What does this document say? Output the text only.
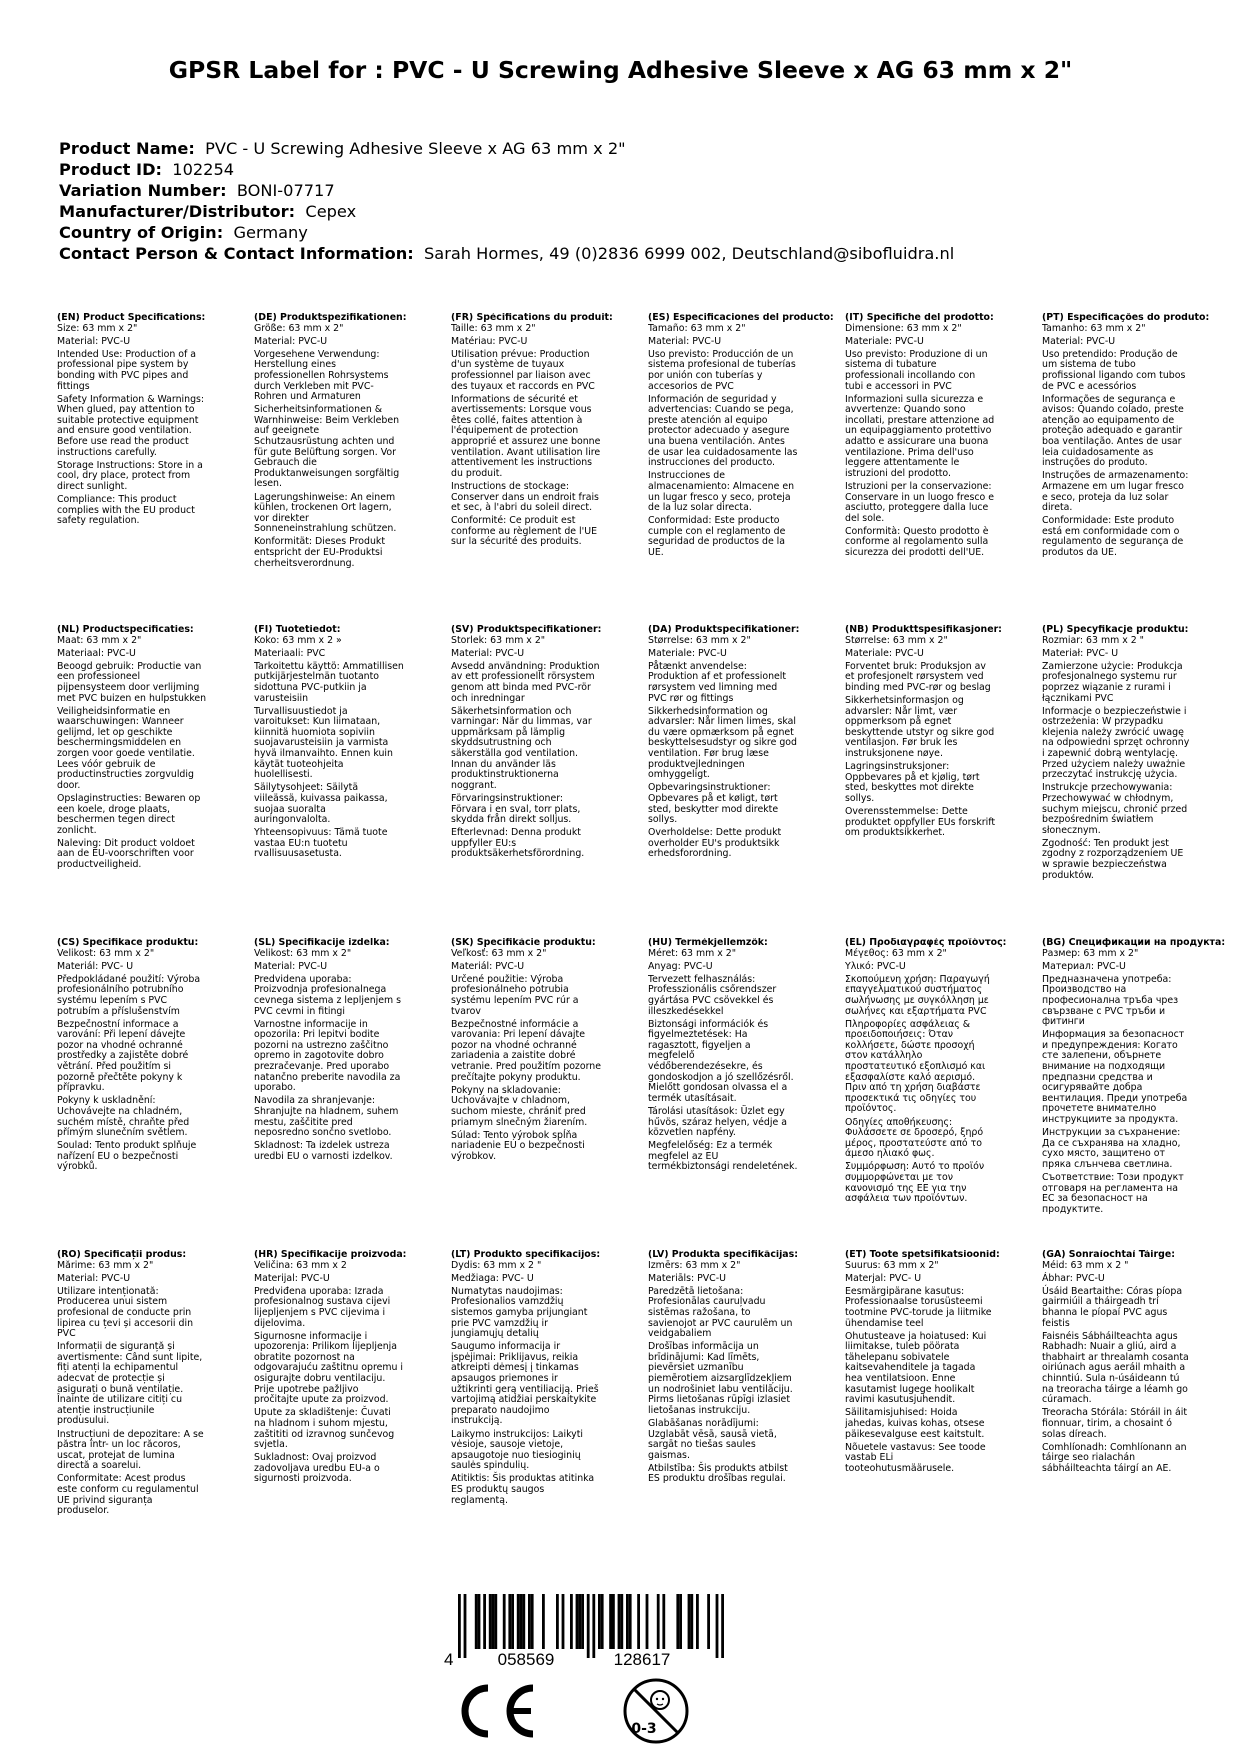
GPSR Label for : PVC - U Screwing Adhesive Sleeve x AG 63 mm x 2"
Product Name: PVC - U Screwing Adhesive Sleeve x AG 63 mm x 2"
Product ID: 102254
Variation Number: BONI-07717
Manufacturer/Distributor: Cepex
Country of Origin: Germany
Contact Person & Contact Information: Sarah Hormes, 49 (0)2836 6999 002, Deutschland@sibofluidra.nl
(EN) Product Specifications:

Size: 63 mm x 2"

Material: PVC-U

Intended Use: Production of a professional pipe system by bonding with PVC pipes and fittings

Safety Information & Warnings: When glued, pay attention to suitable protective equipment and ensure good ventilation. Before use read the product instructions carefully.

Storage Instructions: Store in a cool, dry place, protect from direct sunlight.

Compliance: This product complies with the EU product safety regulation.

(DE) Produktspezifikationen:

Größe: 63 mm x 2"

Material: PVC-U

Vorgesehene Verwendung: Herstellung eines professionellen Rohrsystems durch Verkleben mit PVC-Rohren und Armaturen

Sicherheitsinformationen & Warnhinweise: Beim Verkleben auf geeignete Schutzausrüstung achten und für gute Belüftung sorgen. Vor Gebrauch die Produktanweisungen sorgfältig lesen.

Lagerungshinweise: An einem kühlen, trockenen Ort lagern, vor direkter Sonneneinstrahlung schützen.

Konformität: Dieses Produkt entspricht der EU-Produktsi cherheitsverordnung.

(FR) Spécifications du produit:

Taille: 63 mm x 2"

Matériau: PVC-U

Utilisation prévue: Production d'un système de tuyaux professionnel par liaison avec des tuyaux et raccords en PVC

Informations de sécurité et avertissements: Lorsque vous êtes collé, faites attention à l'équipement de protection approprié et assurez une bonne ventilation. Avant utilisation lire attentivement les instructions du produit.

Instructions de stockage: Conserver dans un endroit frais et sec, à l'abri du soleil direct.

Conformité: Ce produit est conforme au règlement de l'UE sur la sécurité des produits.

(ES) Especificaciones del producto:

Tamaño: 63 mm x 2"

Material: PVC-U

Uso previsto: Producción de un sistema profesional de tuberías por unión con tuberías y accesorios de PVC

Información de seguridad y advertencias: Cuando se pega, preste atención al equipo protector adecuado y asegure una buena ventilación. Antes de usar lea cuidadosamente las instrucciones del producto.

Instrucciones de almacenamiento: Almacene en un lugar fresco y seco, proteja de la luz solar directa.

Conformidad: Este producto cumple con el reglamento de seguridad de productos de la UE.

(IT) Specifiche del prodotto:

Dimensione: 63 mm x 2"

Materiale: PVC-U

Uso previsto: Produzione di un sistema di tubature professionali incollando con tubi e accessori in PVC

Informazioni sulla sicurezza e avvertenze: Quando sono incollati, prestare attenzione ad un equipaggiamento protettivo adatto e assicurare una buona ventilazione. Prima dell'uso leggere attentamente le istruzioni del prodotto.

Istruzioni per la conservazione: Conservare in un luogo fresco e asciutto, proteggere dalla luce del sole.

Conformità: Questo prodotto è conforme al regolamento sulla sicurezza dei prodotti dell'UE.

(PT) Especificações do produto:

Tamanho: 63 mm x 2"

Material: PVC-U

Uso pretendido: Produção de um sistema de tubo profissional ligando com tubos de PVC e acessórios

Informações de segurança e avisos: Quando colado, preste atenção ao equipamento de proteção adequado e garantir boa ventilação. Antes de usar leia cuidadosamente as instruções do produto.

Instruções de armazenamento: Armazene em um lugar fresco e seco, proteja da luz solar direta.

Conformidade: Este produto está em conformidade com o regulamento de segurança de produtos da UE.

(NL) Productspecificaties:

Maat: 63 mm x 2"

Materiaal: PVC-U

Beoogd gebruik: Productie van een professioneel pijpensysteem door verlijming met PVC buizen en hulpstukken

Veiligheidsinformatie en waarschuwingen: Wanneer gelijmd, let op geschikte beschermingsmiddelen en zorgen voor goede ventilatie. Lees vóór gebruik de productinstructies zorgvuldig door.

Opslaginstructies: Bewaren op een koele, droge plaats, beschermen tegen direct zonlicht.

Naleving: Dit product voldoet aan de EU-voorschriften voor productveiligheid.

(FI) Tuotetiedot:

Koko: 63 mm x 2 »

Materiaali: PVC

Tarkoitettu käyttö: Ammatillisen putkijärjestelmän tuotanto sidottuna PVC-putkiin ja varusteisiin

Turvallisuustiedot ja varoitukset: Kun liimataan, kiinnitä huomiota sopiviin suojavarusteisiin ja varmista hyvä ilmanvaihto. Ennen kuin käytät tuoteohjeita huolellisesti.

Säilytysohjeet: Säilytä viileässä, kuivassa paikassa, suojaa suoralta auringonvalolta.

Yhteensopivuus: Tämä tuote vastaa EU:n tuotetu rvallisuusasetusta.

(SV) Produktspecifikationer:

Storlek: 63 mm x 2"

Material: PVC-U

Avsedd användning: Produktion av ett professionellt rörsystem genom att binda med PVC-rör och inredningar

Säkerhetsinformation och varningar: När du limmas, var uppmärksam på lämplig skyddsutrustning och säkerställa god ventilation. Innan du använder läs produktinstruktionerna noggrant.

Förvaringsinstruktioner: Förvara i en sval, torr plats, skydda från direkt solljus.

Efterlevnad: Denna produkt uppfyller EU:s produktsäkerhetsförordning.

(DA) Produktspecifikationer:

Størrelse: 63 mm x 2"

Materiale: PVC-U

Påtænkt anvendelse: Produktion af et professionelt rørsystem ved limning med PVC rør og fittings

Sikkerhedsinformation og advarsler: Når limen limes, skal du være opmærksom på egnet beskyttelsesudstyr og sikre god ventilation. Før brug læse produktvejledningen omhyggeligt.

Opbevaringsinstruktioner: Opbevares på et køligt, tørt sted, beskytter mod direkte sollys.

Overholdelse: Dette produkt overholder EU's produktsikk erhedsforordning.

(NB) Produkttspesifikasjoner:

Størrelse: 63 mm x 2"

Materiale: PVC-U

Forventet bruk: Produksjon av et profesjonelt rørsystem ved binding med PVC-rør og beslag

Sikkerhetsinformasjon og advarsler: Når limt, vær oppmerksom på egnet beskyttende utstyr og sikre god ventilasjon. Før bruk les instruksjonene nøye.

Lagringsinstruksjoner: Oppbevares på et kjølig, tørt sted, beskyttes mot direkte sollys.

Overensstemmelse: Dette produktet oppfyller EUs forskrift om produktsikkerhet.

(PL) Specyfikacje produktu:

Rozmiar: 63 mm x 2 "

Materiał: PVC- U

Zamierzone użycie: Produkcja profesjonalnego systemu rur poprzez wiązanie z rurami i łącznikami PVC

Informacje o bezpieczeństwie i ostrzeżenia: W przypadku klejenia należy zwrócić uwagę na odpowiedni sprzęt ochronny i zapewnić dobrą wentylację. Przed użyciem należy uważnie przeczytać instrukcję użycia.

Instrukcje przechowywania: Przechowywać w chłodnym, suchym miejscu, chronić przed bezpośrednim światłem słonecznym.

Zgodność: Ten produkt jest zgodny z rozporządzeniem UE w sprawie bezpieczeństwa produktów.

(CS) Specifikace produktu:

Velikost: 63 mm x 2"

Materiál: PVC- U

Předpokládané použití: Výroba profesionálního potrubního systému lepením s PVC potrubím a příslušenstvím

Bezpečnostní informace a varování: Při lepení dávejte pozor na vhodné ochranné prostředky a zajistěte dobré větrání. Před použitím si pozorně přečtěte pokyny k přípravku.

Pokyny k uskladnění: Uchovávejte na chladném, suchém místě, chraňte před přímým slunečním světlem.

Soulad: Tento produkt splňuje nařízení EU o bezpečnosti výrobků.

(SL) Specifikacije izdelka:

Velikost: 63 mm x 2"

Material: PVC-U

Predvidena uporaba: Proizvodnja profesionalnega cevnega sistema z lepljenjem s PVC cevmi in fitingi

Varnostne informacije in opozorila: Pri lepitvi bodite pozorni na ustrezno zaščitno opremo in zagotovite dobro prezračevanje. Pred uporabo natančno preberite navodila za uporabo.

Navodila za shranjevanje: Shranjujte na hladnem, suhem mestu, zaščitite pred neposredno sončno svetlobo.

Skladnost: Ta izdelek ustreza uredbi EU o varnosti izdelkov.

(SK) Špecifikácie produktu:

Veľkosť: 63 mm x 2"

Materiál: PVC-U

Určené použitie: Výroba profesionálneho potrubia systému lepením PVC rúr a tvarov

Bezpečnostné informácie a varovania: Pri lepení dávajte pozor na vhodné ochranné zariadenia a zaistite dobré vetranie. Pred použitím pozorne prečítajte pokyny produktu.

Pokyny na skladovanie: Uchovávajte v chladnom, suchom mieste, chrániť pred priamym slnečným žiarením.

Súlad: Tento výrobok spĺňa nariadenie EÚ o bezpečnosti výrobkov.

(HU) Termékjellemzők:

Méret: 63 mm x 2"

Anyag: PVC-U

Tervezett felhasználás: Professzionális csőrendszer gyártása PVC csövekkel és illeszkedésekkel

Biztonsági információk és figyelmeztetések: Ha ragasztott, figyeljen a megfelelő védőberendezésekre, és gondoskodjon a jó szellőzésről. Mielőtt gondosan olvassa el a termék utasításait.

Tárolási utasítások: Üzlet egy hűvös, száraz helyen, védje a közvetlen napfény.

Megfelelőség: Ez a termék megfelel az EU termékbiztonsági rendeletének.

(EL) Προδιαγραφές προϊόντος:

Μέγεθος: 63 mm x 2"

Υλικό: PVC-U

Σκοπούμενη χρήση: Παραγωγή επαγγελματικού συστήματος σωλήνωσης με συγκόλληση με σωλήνες και εξαρτήματα PVC

Πληροφορίες ασφάλειας & προειδοποιήσεις: Όταν κολλήσετε, δώστε προσοχή στον κατάλληλο προστατευτικό εξοπλισμό και εξασφαλίστε καλό αερισμό. Πριν από τη χρήση διαβάστε προσεκτικά τις οδηγίες του προϊόντος.

Οδηγίες αποθήκευσης: Φυλάσσετε σε δροσερό, ξηρό μέρος, προστατεύστε από το άμεσο ηλιακό φως.

Συμμόρφωση: Αυτό το προϊόν συμμορφώνεται με τον κανονισμό της ΕΕ για την ασφάλεια των προϊόντων.

(BG) Спецификации на продукта:

Размер: 63 mm x 2"

Материал: PVC-U

Предназначена употреба: Производство на професионална тръба чрез свързване с PVC тръби и фитинги

Информация за безопасност и предупреждения: Когато сте залепени, обърнете внимание на подходящи предпазни средства и осигурявайте добра вентилация. Преди употреба прочетете внимателно инструкциите за продукта.

Инструкции за съхранение: Да се съхранява на хладно, сухо място, защитено от пряка слънчева светлина.

Съответствие: Този продукт отговаря на регламента на ЕС за безопасност на продуктите.

(RO) Specificații produs:

Mărime: 63 mm x 2"

Material: PVC-U

Utilizare intenționată: Producerea unui sistem profesional de conducte prin lipirea cu țevi și accesorii din PVC

Informații de siguranță și avertismente: Când sunt lipite, fiți atenți la echipamentul adecvat de protecție și asigurați o bună ventilație. Înainte de utilizare citiți cu atenție instrucțiunile produsului.

Instrucțiuni de depozitare: A se păstra într- un loc răcoros, uscat, protejat de lumina directă a soarelui.

Conformitate: Acest produs este conform cu regulamentul UE privind siguranța produselor.

(HR) Specifikacije proizvoda:

Veličina: 63 mm x 2

Materijal: PVC-U

Predviđena uporaba: Izrada profesionalnog sustava cijevi lijepljenjem s PVC cijevima i dijelovima.

Sigurnosne informacije i upozorenja: Prilikom lijepljenja obratite pozornost na odgovarajuću zaštitnu opremu i osigurajte dobru ventilaciju. Prije upotrebe pažljivo pročitajte upute za proizvod.

Upute za skladištenje: Čuvati na hladnom i suhom mjestu, zaštititi od izravnog sunčevog svjetla.

Sukladnost: Ovaj proizvod zadovoljava uredbu EU-a o sigurnosti proizvoda.

(LT) Produkto specifikacijos:

Dydis: 63 mm x 2 "

Medžiaga: PVC- U

Numatytas naudojimas: Profesionalios vamzdžių sistemos gamyba prijungiant prie PVC vamzdžių ir jungiamųjų detalių

Saugumo informacija ir įspėjimai: Priklijavus, reikia atkreipti dėmesį į tinkamas apsaugos priemones ir užtikrinti gerą ventiliaciją. Prieš vartojimą atidžiai perskaitykite preparato naudojimo instrukciją.

Laikymo instrukcijos: Laikyti vėsioje, sausoje vietoje, apsaugotoje nuo tiesioginių saulės spindulių.

Atitiktis: Šis produktas atitinka ES produktų saugos reglamentą.

(LV) Produkta specifikācijas:

Izmērs: 63 mm x 2"

Materiāls: PVC-U

Paredzētā lietošana: Profesionālas cauruļvadu sistēmas ražošana, to savienojot ar PVC caurulēm un veidgabaliem

Drošības informācija un brīdinājumi: Kad līmēts, pievērsiet uzmanību piemērotiem aizsarglīdzekļiem un nodrošiniet labu ventilāciju. Pirms lietošanas rūpīgi izlasiet lietošanas instrukciju.

Glabāšanas norādījumi: Uzglabāt vēsā, sausā vietā, sargāt no tiešas saules gaismas.

Atbilstība: Šis produkts atbilst ES produktu drošības regulai.

(ET) Toote spetsifikatsioonid:

Suurus: 63 mm x 2"

Materjal: PVC- U

Eesmärgipärane kasutus: Professionaalse torusüsteemi tootmine PVC-torude ja liitmike ühendamise teel

Ohutusteave ja hoiatused: Kui liimitakse, tuleb pöörata tähelepanu sobivatele kaitsevahenditele ja tagada hea ventilatsioon. Enne kasutamist lugege hoolikalt ravimi kasutusjuhendit.

Säilitamisjuhised: Hoida jahedas, kuivas kohas, otsese päikesevalguse eest kaitstult.

Nõuetele vastavus: See toode vastab ELi tooteohutusmäärusele.

(GA) Sonraíochtaí Táirge:

Méid: 63 mm x 2 "

Ábhar: PVC-U

Úsáid Beartaithe: Córas píopa gairmiúil a tháirgeadh trí bhanna le píopaí PVC agus feistis

Faisnéis Sábháilteachta agus Rabhadh: Nuair a gliú, aird a thabhairt ar threalamh cosanta oiriúnach agus aeráil mhaith a chinntiú. Sula n-úsáideann tú na treoracha táirge a léamh go cúramach.

Treoracha Stórála: Stóráil in áit fionnuar, tirim, a chosaint ó solas díreach.

Comhlíonadh: Comhlíonann an táirge seo rialachán sábháilteachta táirgí an AE.

4	058569	128617
0-3
